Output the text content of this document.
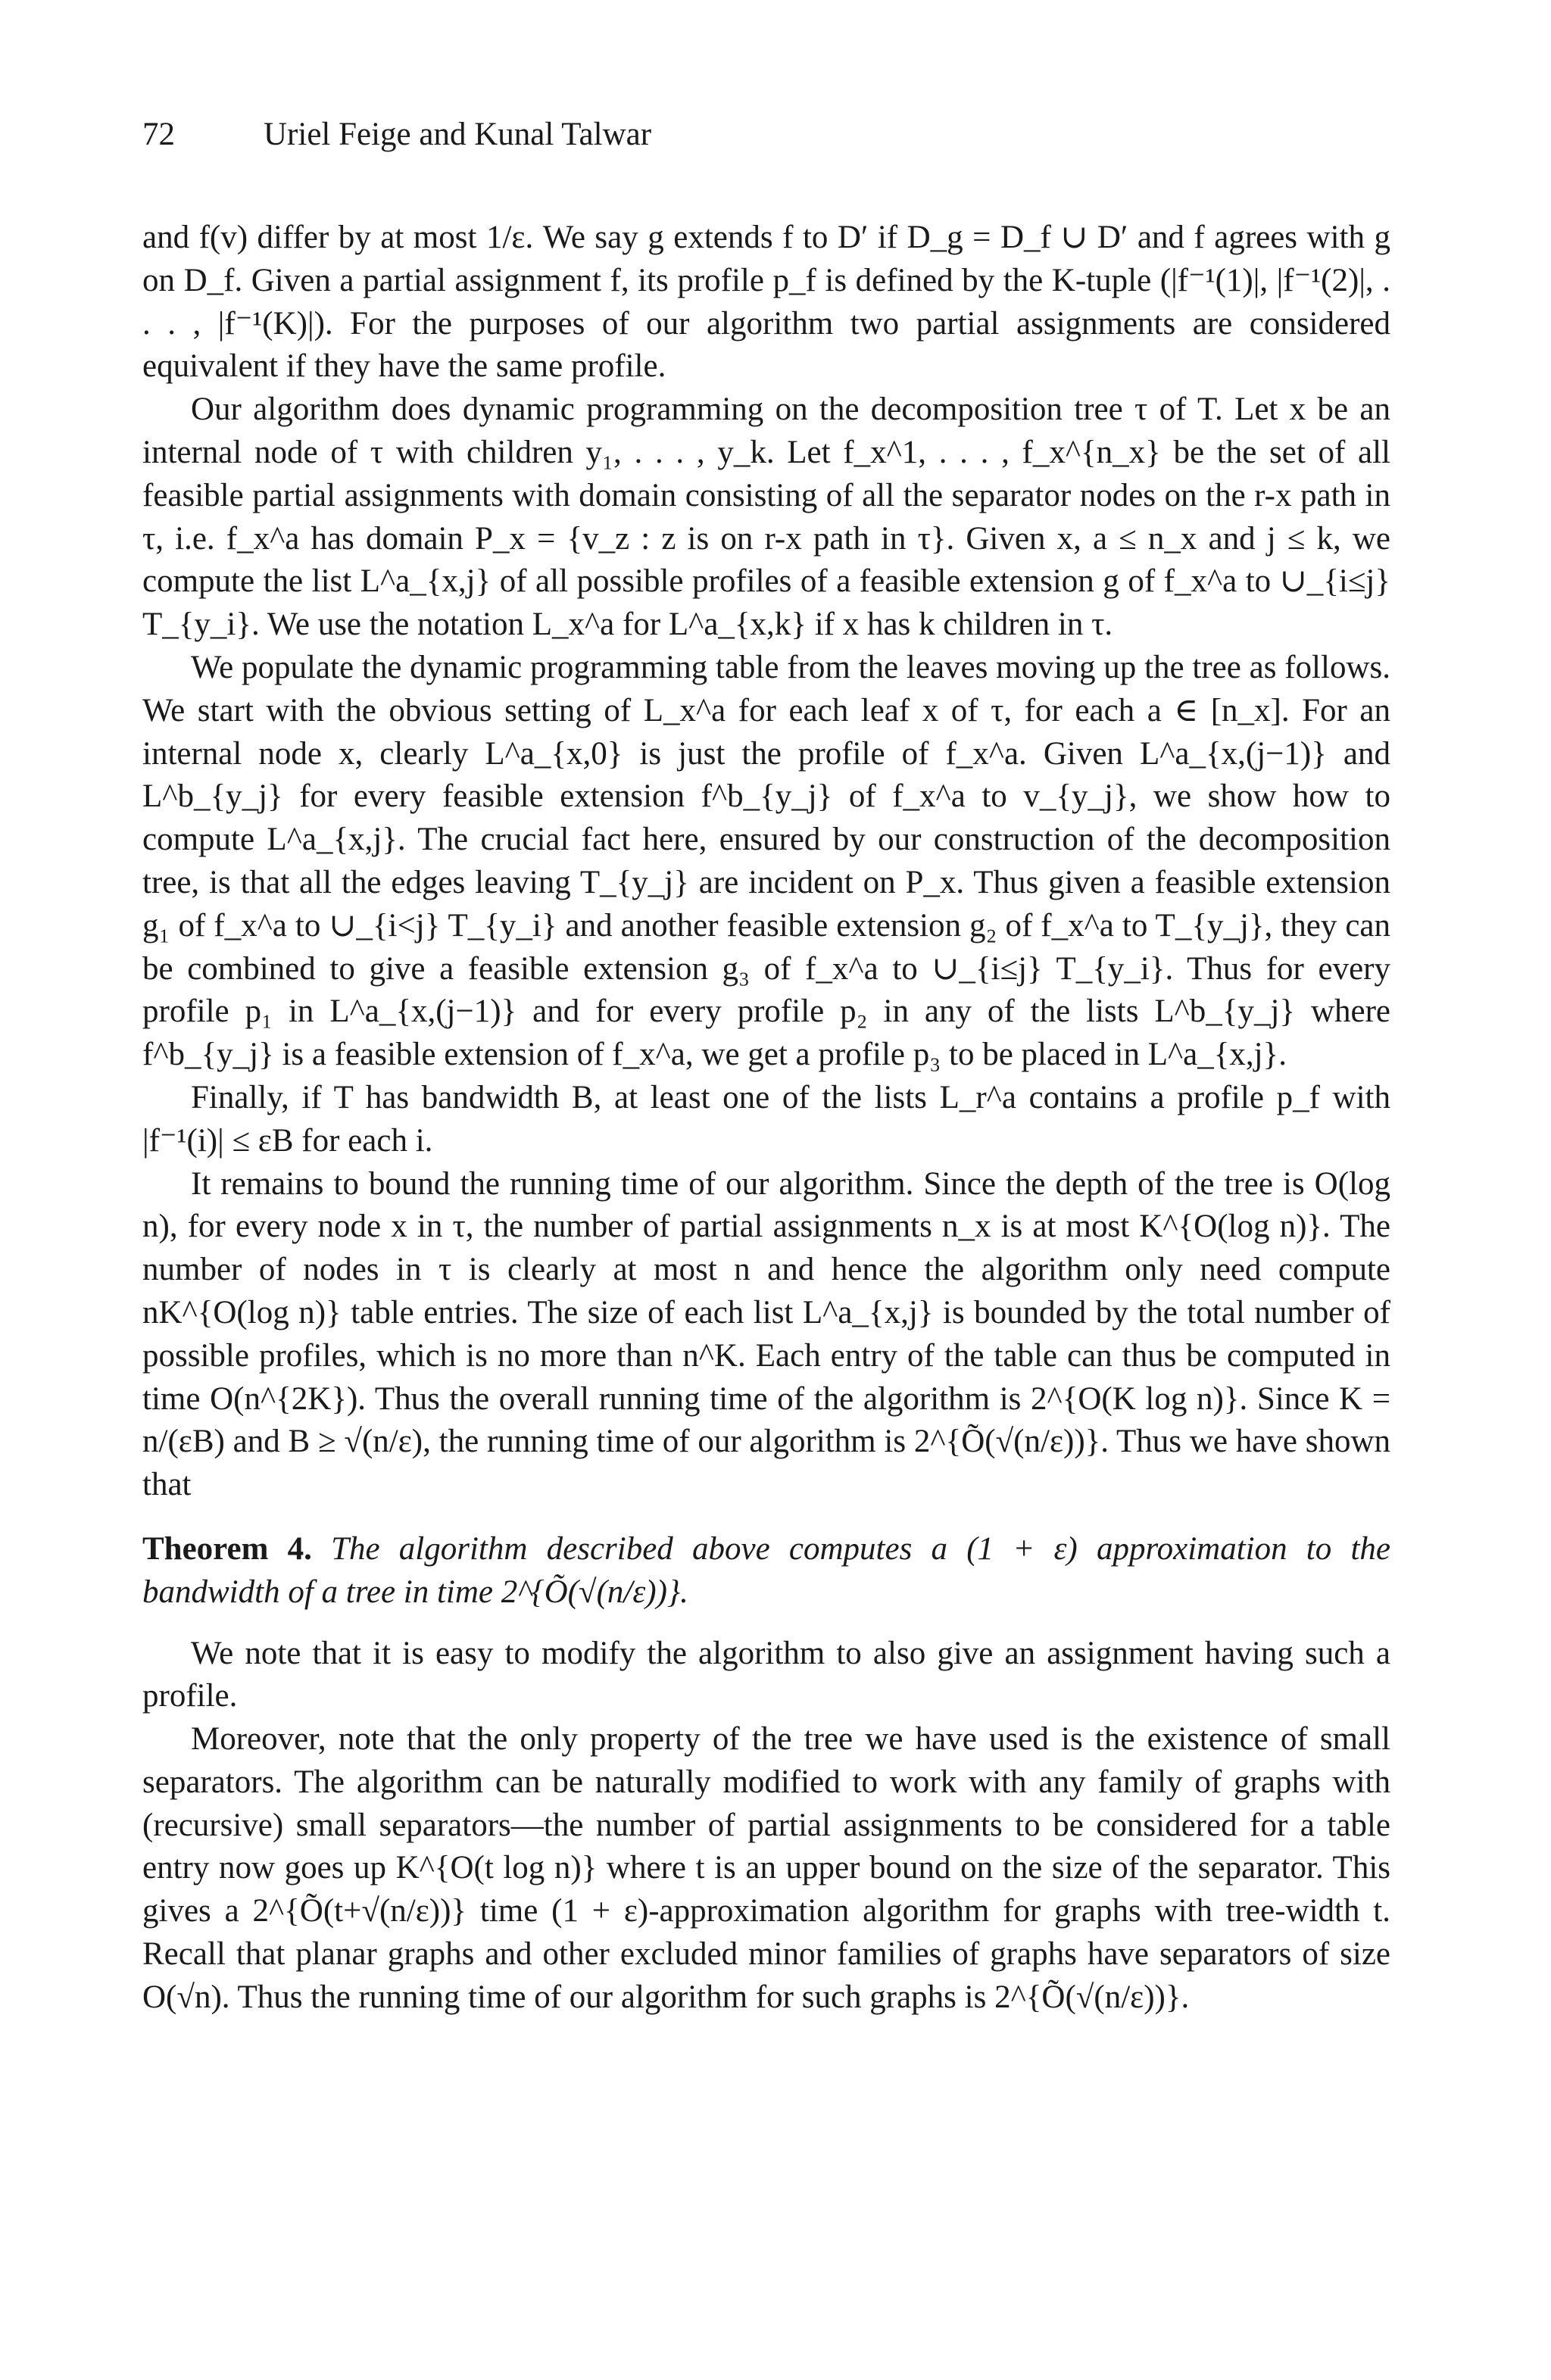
72	Uriel Feige and Kunal Talwar

and f(v) differ by at most 1/ε. We say g extends f to D′ if D_g = D_f ∪ D′ and f agrees with g on D_f. Given a partial assignment f, its profile p_f is defined by the K-tuple (|f⁻¹(1)|, |f⁻¹(2)|, . . . , |f⁻¹(K)|). For the purposes of our algorithm two partial assignments are considered equivalent if they have the same profile.

Our algorithm does dynamic programming on the decomposition tree τ of T. Let x be an internal node of τ with children y₁, . . . , y_k. Let f_x^1, . . . , f_x^{n_x} be the set of all feasible partial assignments with domain consisting of all the separator nodes on the r-x path in τ, i.e. f_x^a has domain P_x = {v_z : z is on r-x path in τ}. Given x, a ≤ n_x and j ≤ k, we compute the list L^a_{x,j} of all possible profiles of a feasible extension g of f_x^a to ∪_{i≤j} T_{y_i}. We use the notation L_x^a for L^a_{x,k} if x has k children in τ.

We populate the dynamic programming table from the leaves moving up the tree as follows. We start with the obvious setting of L_x^a for each leaf x of τ, for each a ∈ [n_x]. For an internal node x, clearly L^a_{x,0} is just the profile of f_x^a. Given L^a_{x,(j−1)} and L^b_{y_j} for every feasible extension f^b_{y_j} of f_x^a to v_{y_j}, we show how to compute L^a_{x,j}. The crucial fact here, ensured by our construction of the decomposition tree, is that all the edges leaving T_{y_j} are incident on P_x. Thus given a feasible extension g₁ of f_x^a to ∪_{i<j} T_{y_i} and another feasible extension g₂ of f_x^a to T_{y_j}, they can be combined to give a feasible extension g₃ of f_x^a to ∪_{i≤j} T_{y_i}. Thus for every profile p₁ in L^a_{x,(j−1)} and for every profile p₂ in any of the lists L^b_{y_j} where f^b_{y_j} is a feasible extension of f_x^a, we get a profile p₃ to be placed in L^a_{x,j}.

Finally, if T has bandwidth B, at least one of the lists L_r^a contains a profile p_f with |f⁻¹(i)| ≤ εB for each i.

It remains to bound the running time of our algorithm. Since the depth of the tree is O(log n), for every node x in τ, the number of partial assignments n_x is at most K^{O(log n)}. The number of nodes in τ is clearly at most n and hence the algorithm only need compute nK^{O(log n)} table entries. The size of each list L^a_{x,j} is bounded by the total number of possible profiles, which is no more than n^K. Each entry of the table can thus be computed in time O(n^{2K}). Thus the overall running time of the algorithm is 2^{O(K log n)}. Since K = n/(εB) and B ≥ √(n/ε), the running time of our algorithm is 2^{Õ(√(n/ε))}. Thus we have shown that

Theorem 4. The algorithm described above computes a (1 + ε) approximation to the bandwidth of a tree in time 2^{Õ(√(n/ε))}.

We note that it is easy to modify the algorithm to also give an assignment having such a profile.

Moreover, note that the only property of the tree we have used is the existence of small separators. The algorithm can be naturally modified to work with any family of graphs with (recursive) small separators—the number of partial assignments to be considered for a table entry now goes up K^{O(t log n)} where t is an upper bound on the size of the separator. This gives a 2^{Õ(t+√(n/ε))} time (1 + ε)-approximation algorithm for graphs with tree-width t. Recall that planar graphs and other excluded minor families of graphs have separators of size O(√n). Thus the running time of our algorithm for such graphs is 2^{Õ(√(n/ε))}.
